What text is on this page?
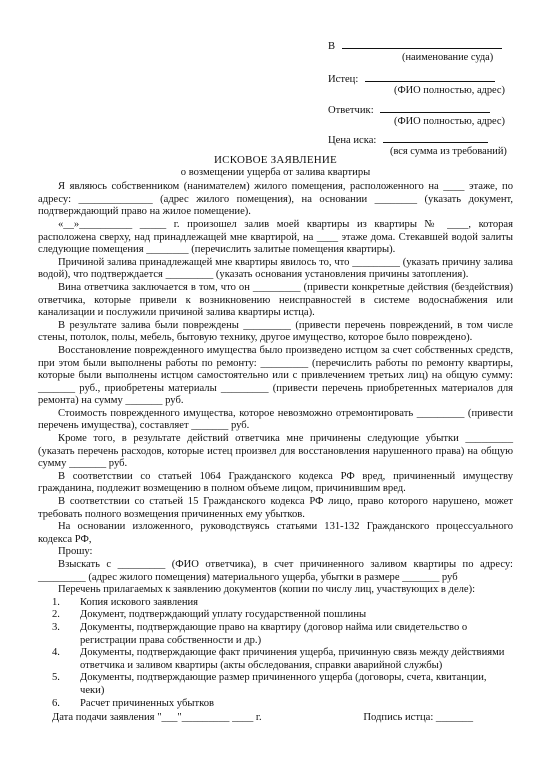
В
(наименование суда)
Истец:
(ФИО полностью, адрес)
Ответчик:
(ФИО полностью, адрес)
Цена иска:
(вся сумма из требований)
ИСКОВОЕ ЗАЯВЛЕНИЕ
о возмещении ущерба от залива квартиры

Я являюсь собственником (нанимателем) жилого помещения, расположенного на ____ этаже, по адресу: ______________ (адрес жилого помещения), на основании ________ (указать документ, подтверждающий право на жилое помещение).

«__»__________ _____ г. произошел залив моей квартиры из квартиры № ____, которая расположена сверху, над принадлежащей мне квартирой, на ____ этаже дома. Стекавшей водой залиты следующие помещения ________ (перечислить залитые помещения квартиры).

Причиной залива принадлежащей мне квартиры явилось то, что _________ (указать причину залива водой), что подтверждается _________ (указать основания установления причины затопления).

Вина ответчика заключается в том, что он _________ (привести конкретные действия (бездействия) ответчика, которые привели к возникновению неисправностей в системе водоснабжения или канализации и послужили причиной залива квартиры истца).

В результате залива были повреждены _________ (привести перечень повреждений, в том числе стены, потолок, полы, мебель, бытовую технику, другое имущество, которое было повреждено).

Восстановление поврежденного имущества было произведено истцом за счет собственных средств, при этом были выполнены работы по ремонту: _________ (перечислить работы по ремонту квартиры, которые были выполнены истцом самостоятельно или с привлечением третьих лиц) на общую сумму: _______ руб., приобретены материалы _________ (привести перечень приобретенных материалов для ремонта) на сумму _______ руб.

Стоимость поврежденного имущества, которое невозможно отремонтировать _________ (привести перечень имущества), составляет _______ руб.

Кроме того, в результате действий ответчика мне причинены следующие убытки _________ (указать перечень расходов, которые истец произвел для восстановления нарушенного права) на общую сумму _______ руб.

В соответствии со статьей 1064 Гражданского кодекса РФ вред, причиненный имуществу гражданина, подлежит возмещению в полном объеме лицом, причинившим вред.

В соответствии со статьей 15 Гражданского кодекса РФ лицо, право которого нарушено, может требовать полного возмещения причиненных ему убытков.

На основании изложенного, руководствуясь статьями 131-132 Гражданского процессуального кодекса РФ,

Прошу:

Взыскать с _________ (ФИО ответчика), в счет причиненного заливом квартиры по адресу: _________ (адрес жилого помещения) материального ущерба, убытки в размере _______ руб

Перечень прилагаемых к заявлению документов (копии по числу лиц, участвующих в деле):

1.	Копия искового заявления
2.	Документ, подтверждающий уплату государственной пошлины
3.	Документы, подтверждающие право на квартиру (договор найма или свидетельство о регистрации права собственности и др.)
4.	Документы, подтверждающие факт причинения ущерба, причинную связь между действиями ответчика и заливом квартиры (акты обследования, справки аварийной службы)
5.	Документы, подтверждающие размер причиненного ущерба (договоры, счета, квитанции, чеки)
6.	Расчет причиненных убытков
Дата подачи заявления "___"_________ ____ г.	Подпись истца: _______
